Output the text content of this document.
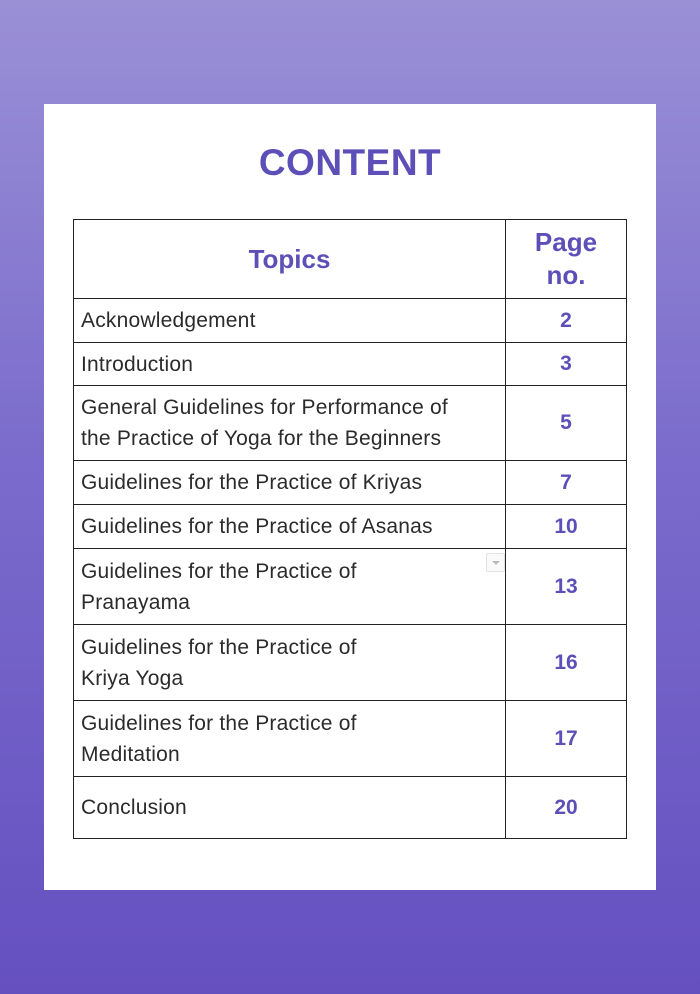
CONTENT
Topics	Page
no.
Acknowledgement	2
Introduction	3
General Guidelines for Performance of
the Practice of Yoga for the Beginners	5
Guidelines for the Practice of Kriyas	7
Guidelines for the Practice of Asanas	10

Guidelines for the Practice of
Pranayama	13
Guidelines for the Practice of
Kriya Yoga	16
Guidelines for the Practice of
Meditation	17
Conclusion	20
